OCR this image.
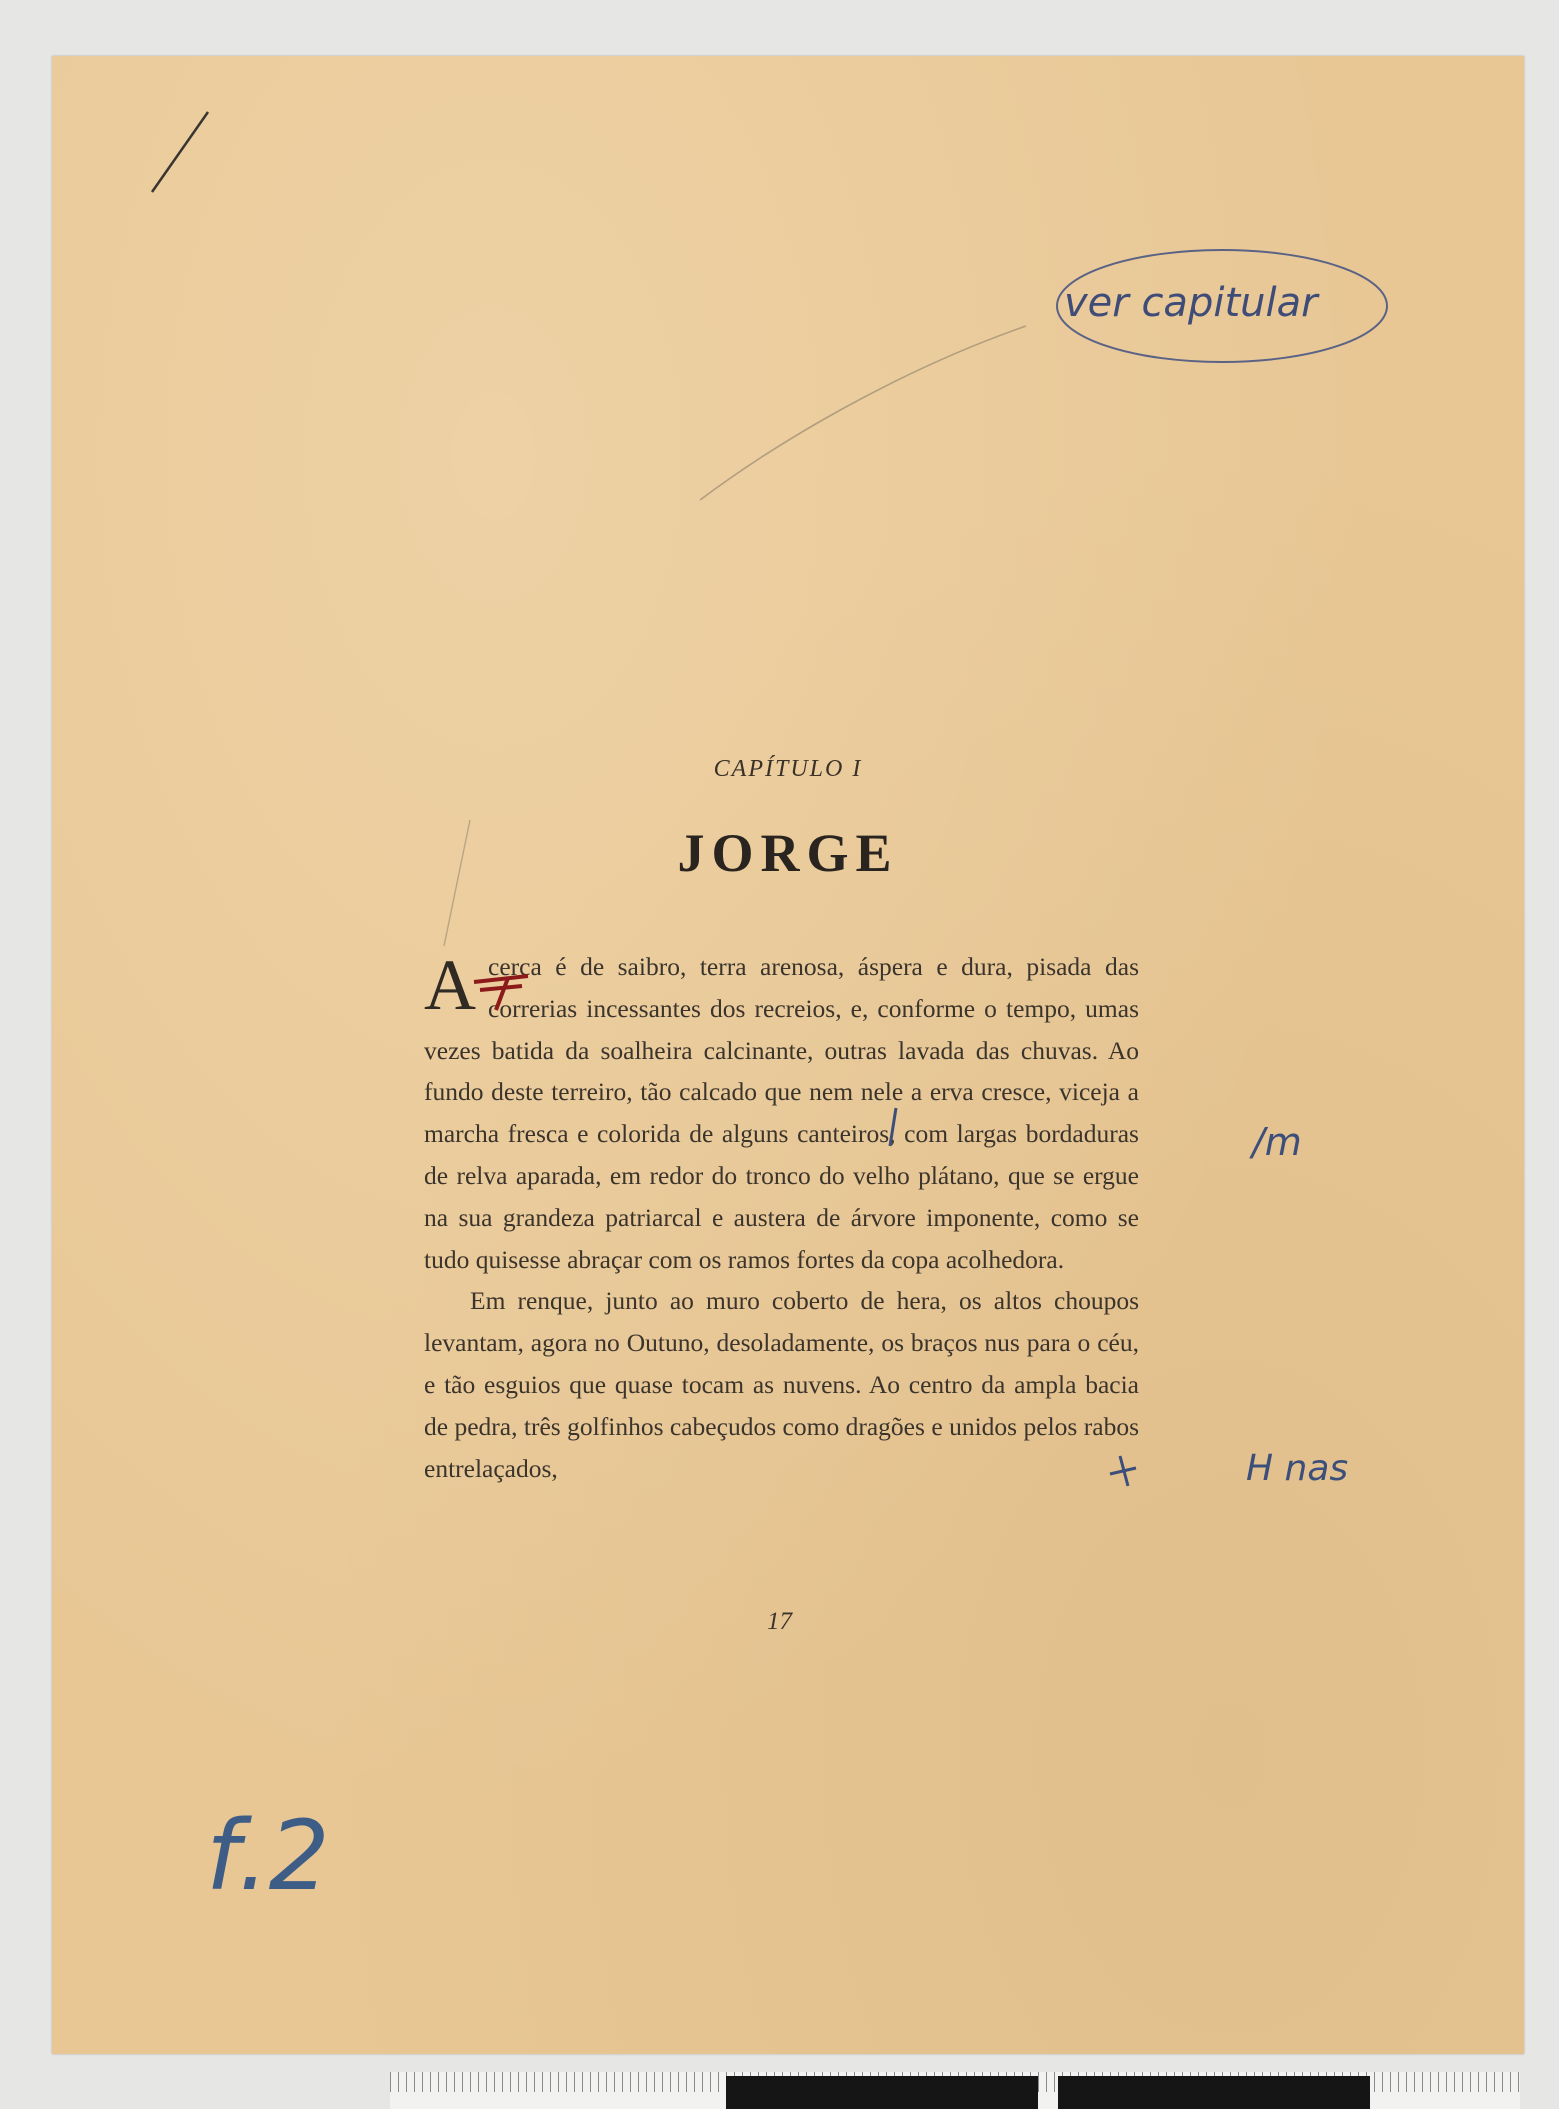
CAPÍTULO I
JORGE

Acerca é de saibro, terra arenosa, áspera e dura, pisada das correrias incessantes dos recreios, e, conforme o tempo, umas vezes batida da soalheira calcinante, outras lavada das chuvas. Ao fundo deste terreiro, tão calcado que nem nele a erva cresce, viceja a marcha fresca e colorida de alguns canteiros, com largas bordaduras de relva aparada, em redor do tronco do velho plátano, que se ergue na sua grandeza patriarcal e austera de árvore imponente, como se tudo quisesse abraçar com os ramos fortes da copa acolhedora.

Em renque, junto ao muro coberto de hera, os altos choupos levantam, agora no Outuno, desoladamente, os braços nus para o céu, e tão esguios que quase tocam as nuvens. Ao centro da ampla bacia de pedra, três golfinhos cabeçudos como dragões e unidos pelos rabos entrelaçados,

17
ver capitular
/m
H nas
f.2
